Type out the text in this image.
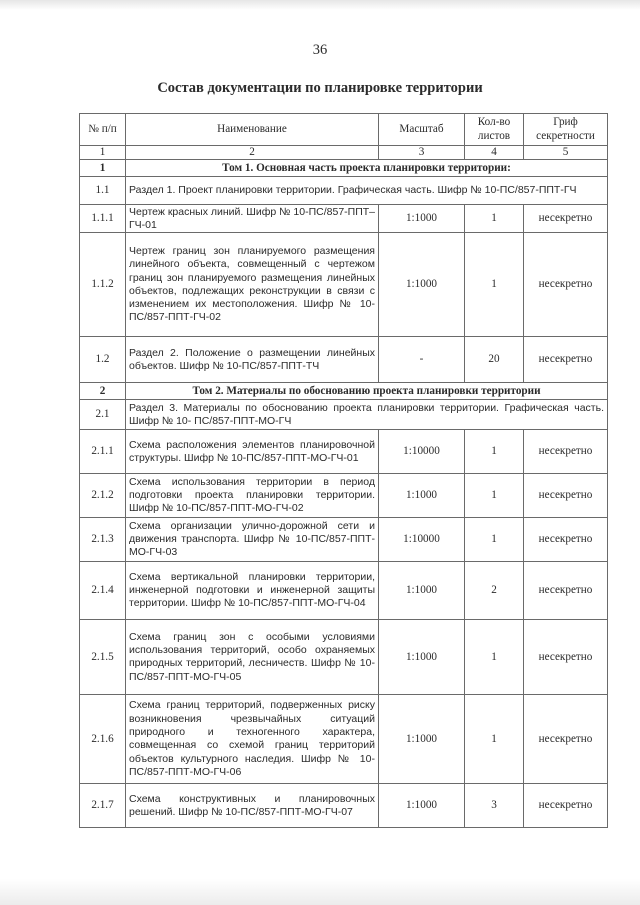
36
Состав документации по планировке территории
№ п/п	Наименование	Масштаб	Кол-во листов	Гриф секретности
1	2	3	4	5
1	Том 1. Основная часть проекта планировки территории:			
1.1	Раздел 1. Проект планировки территории. Графическая часть. Шифр № 10-ПС/857-ППТ-ГЧ			
1.1.1	Чертеж красных линий. Шифр № 10-ПС/857-ППТ–ГЧ-01	1:1000	1	несекретно
1.1.2	Чертеж границ зон планируемого размещения линейного объекта, совмещенный с чертежом границ зон планируемого размещения линейных объектов, подлежащих реконструкции в связи с изменением их местоположения. Шифр № 10-ПС/857-ППТ-ГЧ-02	1:1000	1	несекретно
1.2	Раздел 2. Положение о размещении линейных объектов. Шифр № 10-ПС/857-ППТ-ТЧ	-	20	несекретно
2	Том 2. Материалы по обоснованию проекта планировки территории			
2.1	Раздел 3. Материалы по обоснованию проекта планировки территории. Графическая часть. Шифр № 10- ПС/857-ППТ-МО-ГЧ			
2.1.1	Схема расположения элементов планировочной структуры. Шифр № 10-ПС/857-ППТ-МО-ГЧ-01	1:10000	1	несекретно
2.1.2	Схема использования территории в период подготовки проекта планировки территории. Шифр № 10-ПС/857-ППТ-МО-ГЧ-02	1:1000	1	несекретно
2.1.3	Схема организации улично-дорожной сети и движения транспорта. Шифр № 10-ПС/857-ППТ-МО-ГЧ-03	1:10000	1	несекретно
2.1.4	Схема вертикальной планировки территории, инженерной подготовки и инженерной защиты территории. Шифр № 10-ПС/857-ППТ-МО-ГЧ-04	1:1000	2	несекретно
2.1.5	Схема границ зон с особыми условиями использования территорий, особо охраняемых природных территорий, лесничеств. Шифр № 10-ПС/857-ППТ-МО-ГЧ-05	1:1000	1	несекретно
2.1.6	Схема границ территорий, подверженных риску возникновения чрезвычайных ситуаций природного и техногенного характера, совмещенная со схемой границ территорий объектов культурного наследия. Шифр № 10-ПС/857-ППТ-МО-ГЧ-06	1:1000	1	несекретно
2.1.7	Схема конструктивных и планировочных решений. Шифр № 10-ПС/857-ППТ-МО-ГЧ-07	1:1000	3	несекретно
